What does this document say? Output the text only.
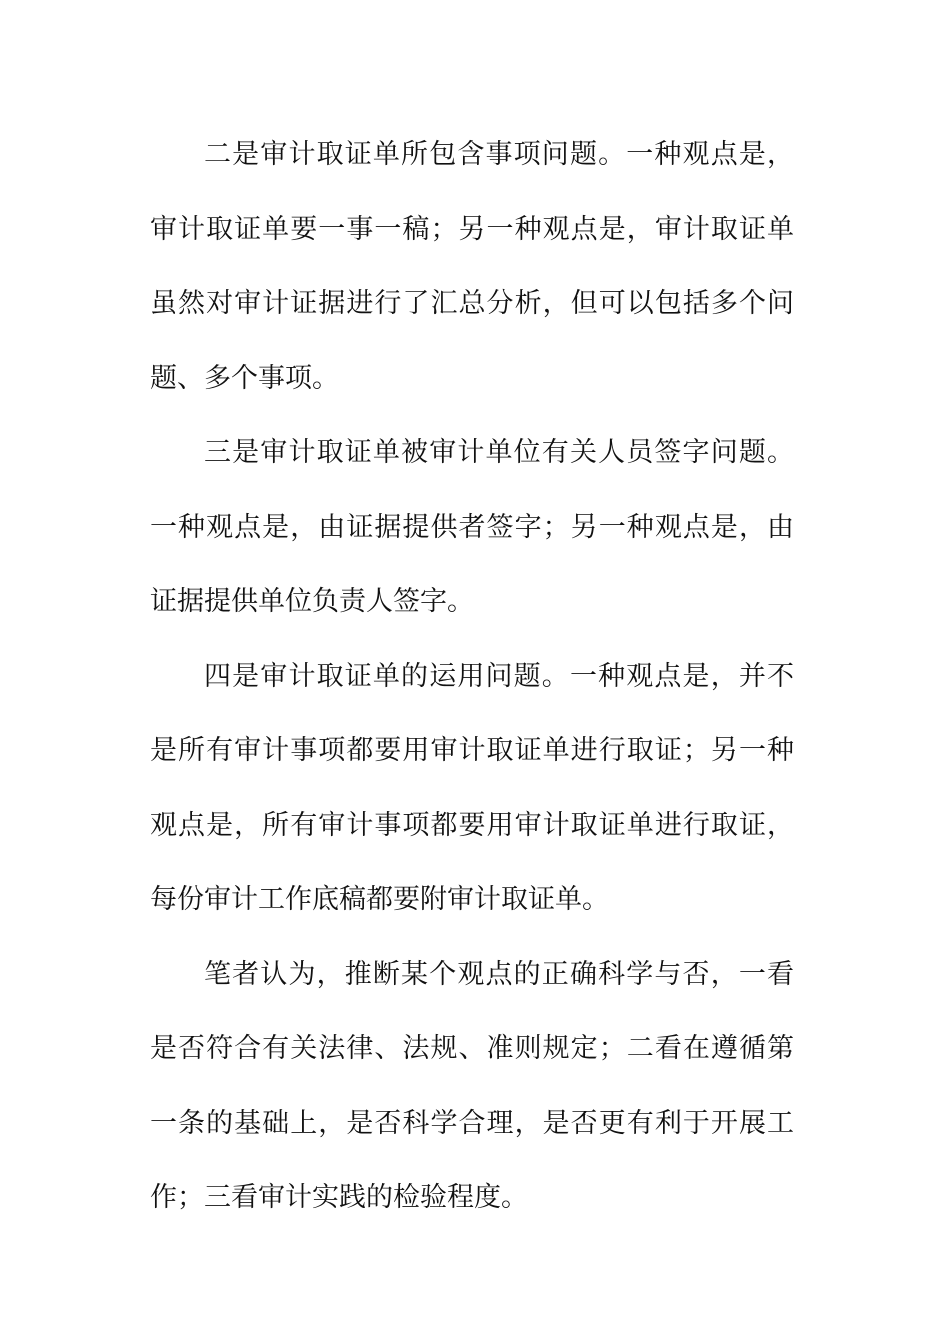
二是审计取证单所包含事项问题。一种观点是，审计取证单要一事一稿；另一种观点是，审计取证单虽然对审计证据进行了汇总分析，但可以包括多个问题、多个事项。

三是审计取证单被审计单位有关人员签字问题。一种观点是，由证据提供者签字；另一种观点是，由证据提供单位负责人签字。

四是审计取证单的运用问题。一种观点是，并不是所有审计事项都要用审计取证单进行取证；另一种观点是，所有审计事项都要用审计取证单进行取证，每份审计工作底稿都要附审计取证单。

笔者认为，推断某个观点的正确科学与否，一看是否符合有关法律、法规、准则规定；二看在遵循第一条的基础上，是否科学合理，是否更有利于开展工作；三看审计实践的检验程度。
